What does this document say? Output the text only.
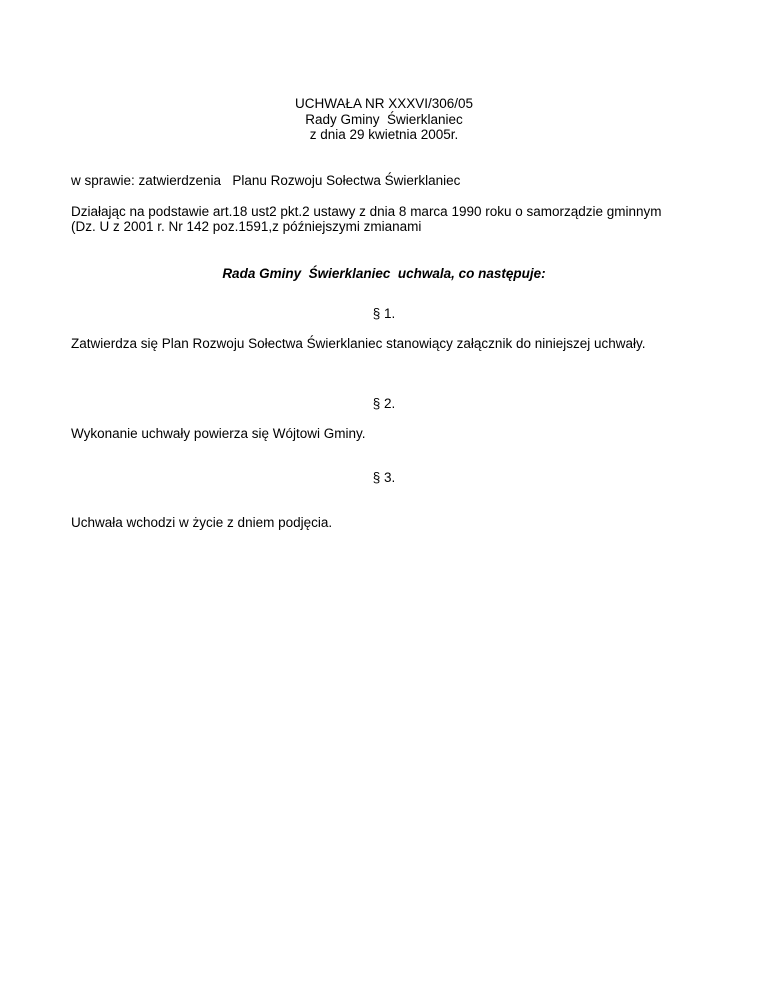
UCHWAŁA NR XXXVI/306/05
Rady Gminy  Świerklaniec
z dnia 29 kwietnia 2005r.
w sprawie: zatwierdzenia   Planu Rozwoju Sołectwa Świerklaniec
Działając na podstawie art.18 ust2 pkt.2 ustawy z dnia 8 marca 1990 roku o samorządzie gminnym
(Dz. U z 2001 r. Nr 142 poz.1591,z późniejszymi zmianami
Rada Gminy  Świerklaniec  uchwala, co następuje:
§ 1.
Zatwierdza się Plan Rozwoju Sołectwa Świerklaniec stanowiący załącznik do niniejszej uchwały.
§ 2.
Wykonanie uchwały powierza się Wójtowi Gminy.
§ 3.
Uchwała wchodzi w życie z dniem podjęcia.
